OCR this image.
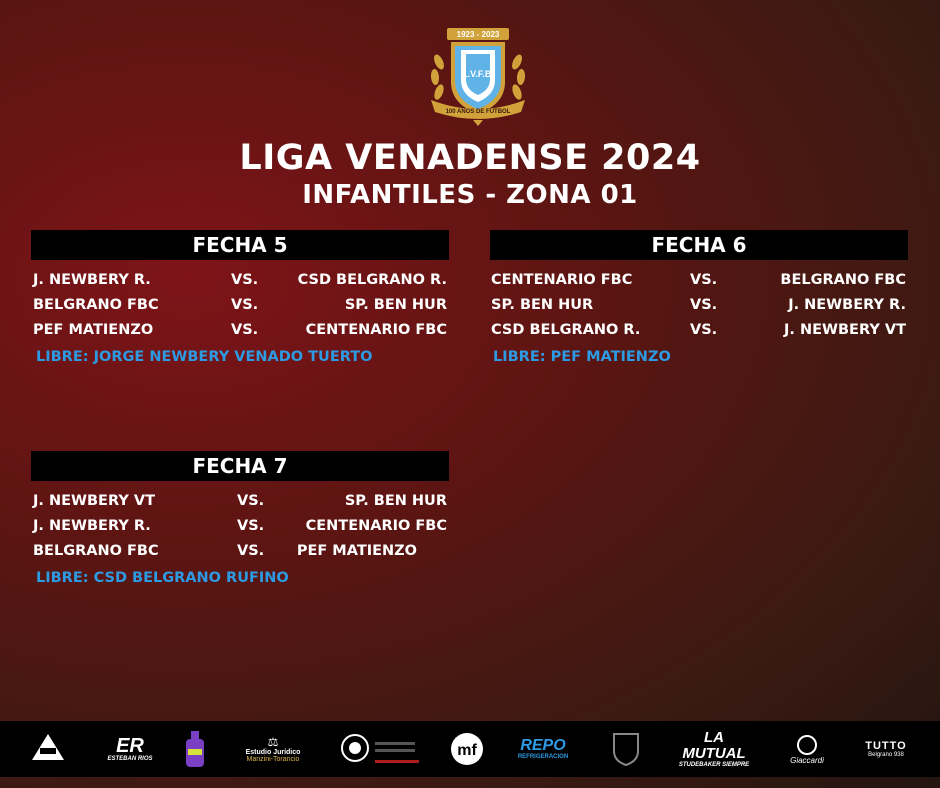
1923 - 2023
L.V.F.B.
100 AÑOS DE FUTBOL
LIGA VENADENSE 2024
INFANTILES - ZONA 01
FECHA 5
J. NEWBERY R.	VS.	CSD BELGRANO R.
BELGRANO FBC	VS.	SP. BEN HUR
PEF MATIENZO	VS.	CENTENARIO FBC
LIBRE: JORGE NEWBERY VENADO TUERTO
FECHA 6
CENTENARIO FBC	VS.	BELGRANO FBC
SP. BEN HUR	VS.	J. NEWBERY R.
CSD BELGRANO R.	VS.	J. NEWBERY VT
LIBRE: PEF MATIENZO
FECHA 7
J. NEWBERY VT	VS.	SP. BEN HUR
J. NEWBERY R.	VS.	CENTENARIO FBC
BELGRANO FBC	VS. PEF MATIENZO
LIBRE: CSD BELGRANO RUFINO
ER
ESTEBAN RIOS
⚖
Estudio Jurídico
Manzini-Torancio
mf	REPO
REFRIGERACION
LA MUTUAL
STUDEBAKER SIEMPRE
Giaccardi
TUTTO
Belgrano 938
